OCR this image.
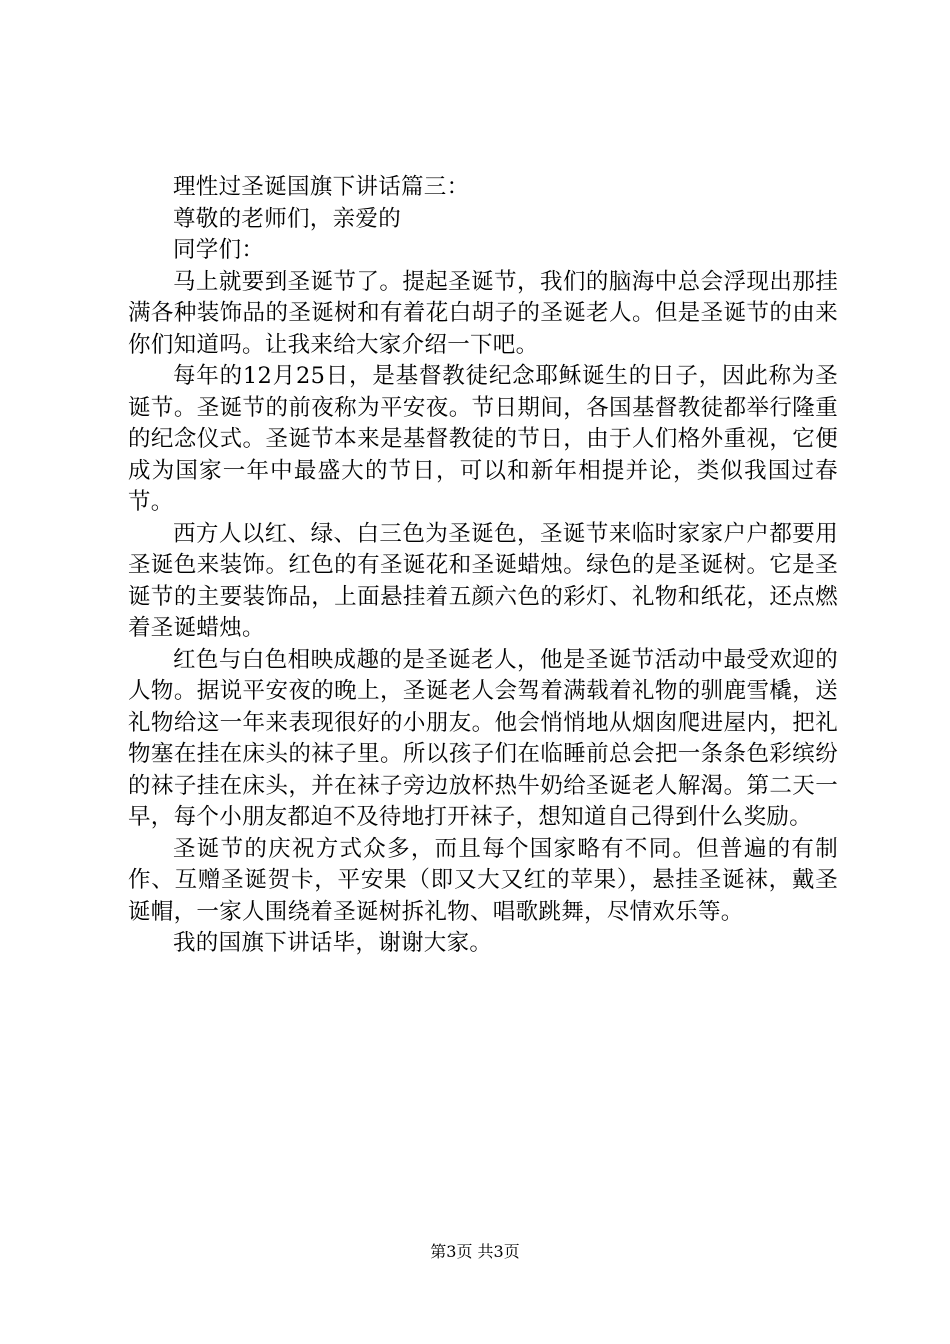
理性过圣诞国旗下讲话篇三：

尊敬的老师们，亲爱的

同学们：

马上就要到圣诞节了。提起圣诞节，我们的脑海中总会浮现出那挂满各种装饰品的圣诞树和有着花白胡子的圣诞老人。但是圣诞节的由来你们知道吗。让我来给大家介绍一下吧。

每年的12月25日，是基督教徒纪念耶稣诞生的日子，因此称为圣诞节。圣诞节的前夜称为平安夜。节日期间，各国基督教徒都举行隆重的纪念仪式。圣诞节本来是基督教徒的节日，由于人们格外重视，它便成为国家一年中最盛大的节日，可以和新年相提并论，类似我国过春节。

西方人以红、绿、白三色为圣诞色，圣诞节来临时家家户户都要用圣诞色来装饰。红色的有圣诞花和圣诞蜡烛。绿色的是圣诞树。它是圣诞节的主要装饰品，上面悬挂着五颜六色的彩灯、礼物和纸花，还点燃着圣诞蜡烛。

红色与白色相映成趣的是圣诞老人，他是圣诞节活动中最受欢迎的人物。据说平安夜的晚上，圣诞老人会驾着满载着礼物的驯鹿雪橇，送礼物给这一年来表现很好的小朋友。他会悄悄地从烟囱爬进屋内，把礼物塞在挂在床头的袜子里。所以孩子们在临睡前总会把一条条色彩缤纷的袜子挂在床头，并在袜子旁边放杯热牛奶给圣诞老人解渴。第二天一早，每个小朋友都迫不及待地打开袜子，想知道自己得到什么奖励。

圣诞节的庆祝方式众多，而且每个国家略有不同。但普遍的有制作、互赠圣诞贺卡，平安果（即又大又红的苹果），悬挂圣诞袜，戴圣诞帽，一家人围绕着圣诞树拆礼物、唱歌跳舞，尽情欢乐等。

我的国旗下讲话毕，谢谢大家。

第3页 共3页
